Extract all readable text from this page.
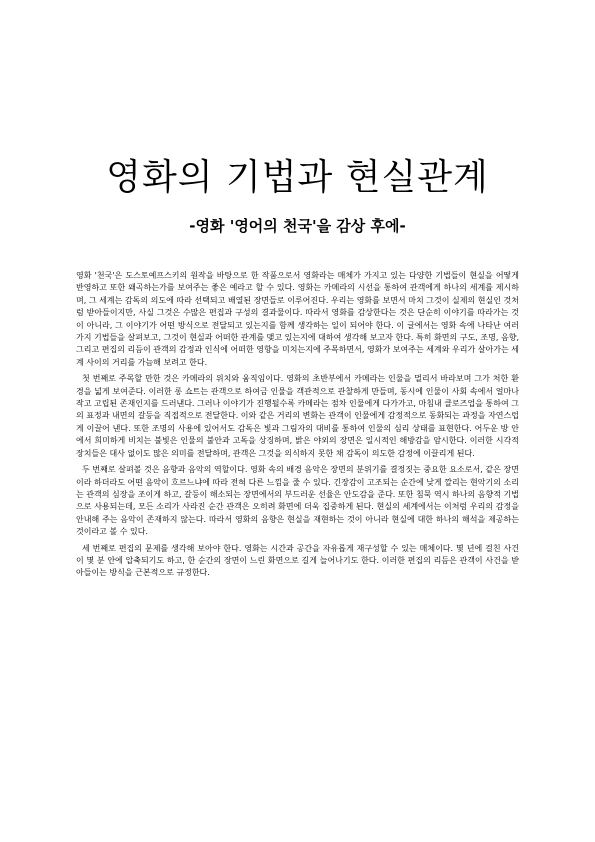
영화의 기법과 현실관계
-영화 '영어의 천국'을 감상 후에-

영화 '천국'은 도스토예프스키의 원작을 바탕으로 한 작품으로서 영화라는 매체가 가지고 있는 다양한 기법들이 현실을 어떻게 반영하고 또한 왜곡하는가를 보여주는 좋은 예라고 할 수 있다. 영화는 카메라의 시선을 통하여 관객에게 하나의 세계를 제시하며, 그 세계는 감독의 의도에 따라 선택되고 배열된 장면들로 이루어진다. 우리는 영화를 보면서 마치 그것이 실제의 현실인 것처럼 받아들이지만, 사실 그것은 수많은 편집과 구성의 결과물이다. 따라서 영화를 감상한다는 것은 단순히 이야기를 따라가는 것이 아니라, 그 이야기가 어떤 방식으로 전달되고 있는지를 함께 생각하는 일이 되어야 한다. 이 글에서는 영화 속에 나타난 여러 가지 기법들을 살펴보고, 그것이 현실과 어떠한 관계를 맺고 있는지에 대하여 생각해 보고자 한다. 특히 화면의 구도, 조명, 음향, 그리고 편집의 리듬이 관객의 감정과 인식에 어떠한 영향을 미치는지에 주목하면서, 영화가 보여주는 세계와 우리가 살아가는 세계 사이의 거리를 가늠해 보려고 한다.

첫 번째로 주목할 만한 것은 카메라의 위치와 움직임이다. 영화의 초반부에서 카메라는 인물을 멀리서 바라보며 그가 처한 환경을 넓게 보여준다. 이러한 롱 쇼트는 관객으로 하여금 인물을 객관적으로 관찰하게 만들며, 동시에 인물이 사회 속에서 얼마나 작고 고립된 존재인지를 드러낸다. 그러나 이야기가 진행될수록 카메라는 점차 인물에게 다가가고, 마침내 클로즈업을 통하여 그의 표정과 내면의 갈등을 직접적으로 전달한다. 이와 같은 거리의 변화는 관객이 인물에게 감정적으로 동화되는 과정을 자연스럽게 이끌어 낸다. 또한 조명의 사용에 있어서도 감독은 빛과 그림자의 대비를 통하여 인물의 심리 상태를 표현한다. 어두운 방 안에서 희미하게 비치는 불빛은 인물의 불안과 고독을 상징하며, 밝은 야외의 장면은 일시적인 해방감을 암시한다. 이러한 시각적 장치들은 대사 없이도 많은 의미를 전달하며, 관객은 그것을 의식하지 못한 채 감독이 의도한 감정에 이끌리게 된다.

두 번째로 살펴볼 것은 음향과 음악의 역할이다. 영화 속의 배경 음악은 장면의 분위기를 결정짓는 중요한 요소로서, 같은 장면이라 하더라도 어떤 음악이 흐르느냐에 따라 전혀 다른 느낌을 줄 수 있다. 긴장감이 고조되는 순간에 낮게 깔리는 현악기의 소리는 관객의 심장을 조이게 하고, 갈등이 해소되는 장면에서의 부드러운 선율은 안도감을 준다. 또한 침묵 역시 하나의 음향적 기법으로 사용되는데, 모든 소리가 사라진 순간 관객은 오히려 화면에 더욱 집중하게 된다. 현실의 세계에서는 이처럼 우리의 감정을 안내해 주는 음악이 존재하지 않는다. 따라서 영화의 음향은 현실을 재현하는 것이 아니라 현실에 대한 하나의 해석을 제공하는 것이라고 볼 수 있다.

세 번째로 편집의 문제를 생각해 보아야 한다. 영화는 시간과 공간을 자유롭게 재구성할 수 있는 매체이다. 몇 년에 걸친 사건이 몇 분 안에 압축되기도 하고, 한 순간의 장면이 느린 화면으로 길게 늘어나기도 한다. 이러한 편집의 리듬은 관객이 사건을 받아들이는 방식을 근본적으로 규정한다.
